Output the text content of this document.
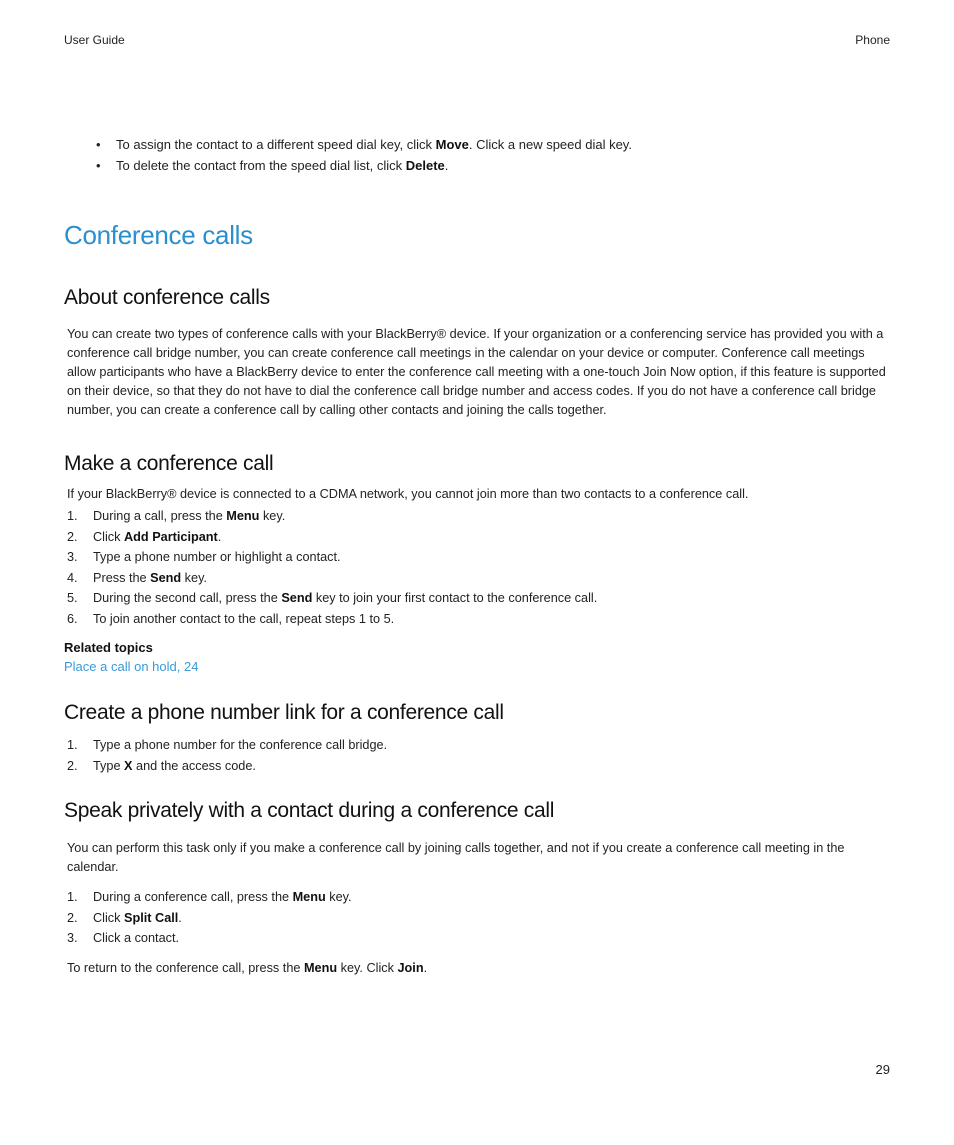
User Guide	Phone
• To assign the contact to a different speed dial key, click Move. Click a new speed dial key.
• To delete the contact from the speed dial list, click Delete.
Conference calls
About conference calls

You can create two types of conference calls with your BlackBerry® device. If your organization or a conferencing service has provided you with a conference call bridge number, you can create conference call meetings in the calendar on your device or computer. Conference call meetings allow participants who have a BlackBerry device to enter the conference call meeting with a one-touch Join Now option, if this feature is supported on their device, so that they do not have to dial the conference call bridge number and access codes. If you do not have a conference call bridge number, you can create a conference call by calling other contacts and joining the calls together.

Make a conference call

If your BlackBerry® device is connected to a CDMA network, you cannot join more than two contacts to a conference call.

1. During a call, press the Menu key.
2. Click Add Participant.
3. Type a phone number or highlight a contact.
4. Press the Send key.
5. During the second call, press the Send key to join your first contact to the conference call.
6. To join another contact to the call, repeat steps 1 to 5.
Related topics
Place a call on hold, 24
Create a phone number link for a conference call
1. Type a phone number for the conference call bridge.
2. Type X and the access code.
Speak privately with a contact during a conference call

You can perform this task only if you make a conference call by joining calls together, and not if you create a conference call meeting in the calendar.

1. During a conference call, press the Menu key.
2. Click Split Call.
3. Click a contact.

To return to the conference call, press the Menu key. Click Join.

29
